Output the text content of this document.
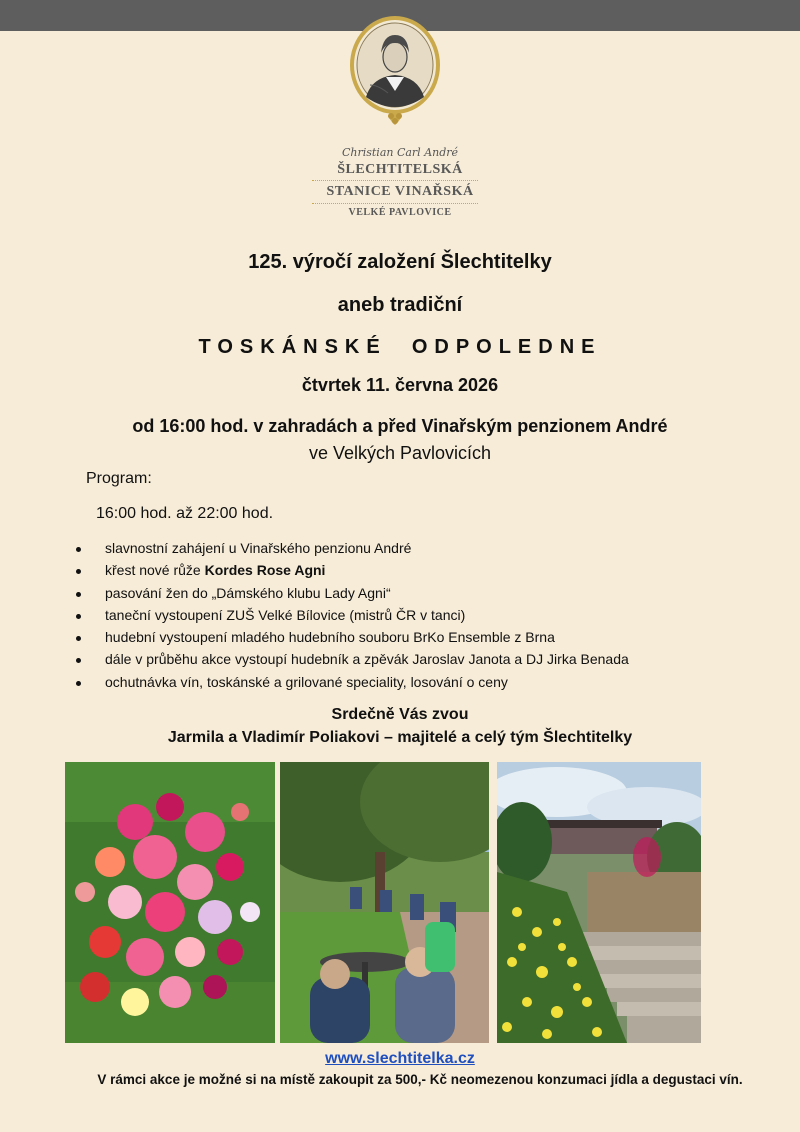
Christian Carl André
ŠLECHTITELSKÁ
STANICE VINAŘSKÁ
VELKÉ PAVLOVICE
125. výročí založení Šlechtitelky
aneb tradiční
TOSKÁNSKÉ  ODPOLEDNE
čtvrtek 11. června 2026
od 16:00 hod. v zahradách a před Vinařským penzionem André
ve Velkých Pavlovicích
Program:
16:00 hod. až 22:00 hod.
slavnostní zahájení u Vinařského penzionu André
křest nové růže Kordes Rose Agni
pasování žen do „Dámského klubu Lady Agni“
taneční vystoupení ZUŠ Velké Bílovice (mistrů ČR v tanci)
hudební vystoupení mladého hudebního souboru BrKo Ensemble z Brna
dále v průběhu akce vystoupí hudebník a zpěvák Jaroslav Janota a DJ Jirka Benada
ochutnávka vín, toskánské a grilované speciality, losování o ceny
Srdečně Vás zvou
Jarmila a Vladimír Poliakovi – majitelé a celý tým Šlechtitelky
www.slechtitelka.cz
V rámci akce je možné si na místě zakoupit za 500,- Kč neomezenou konzumaci jídla a degustaci vín.
